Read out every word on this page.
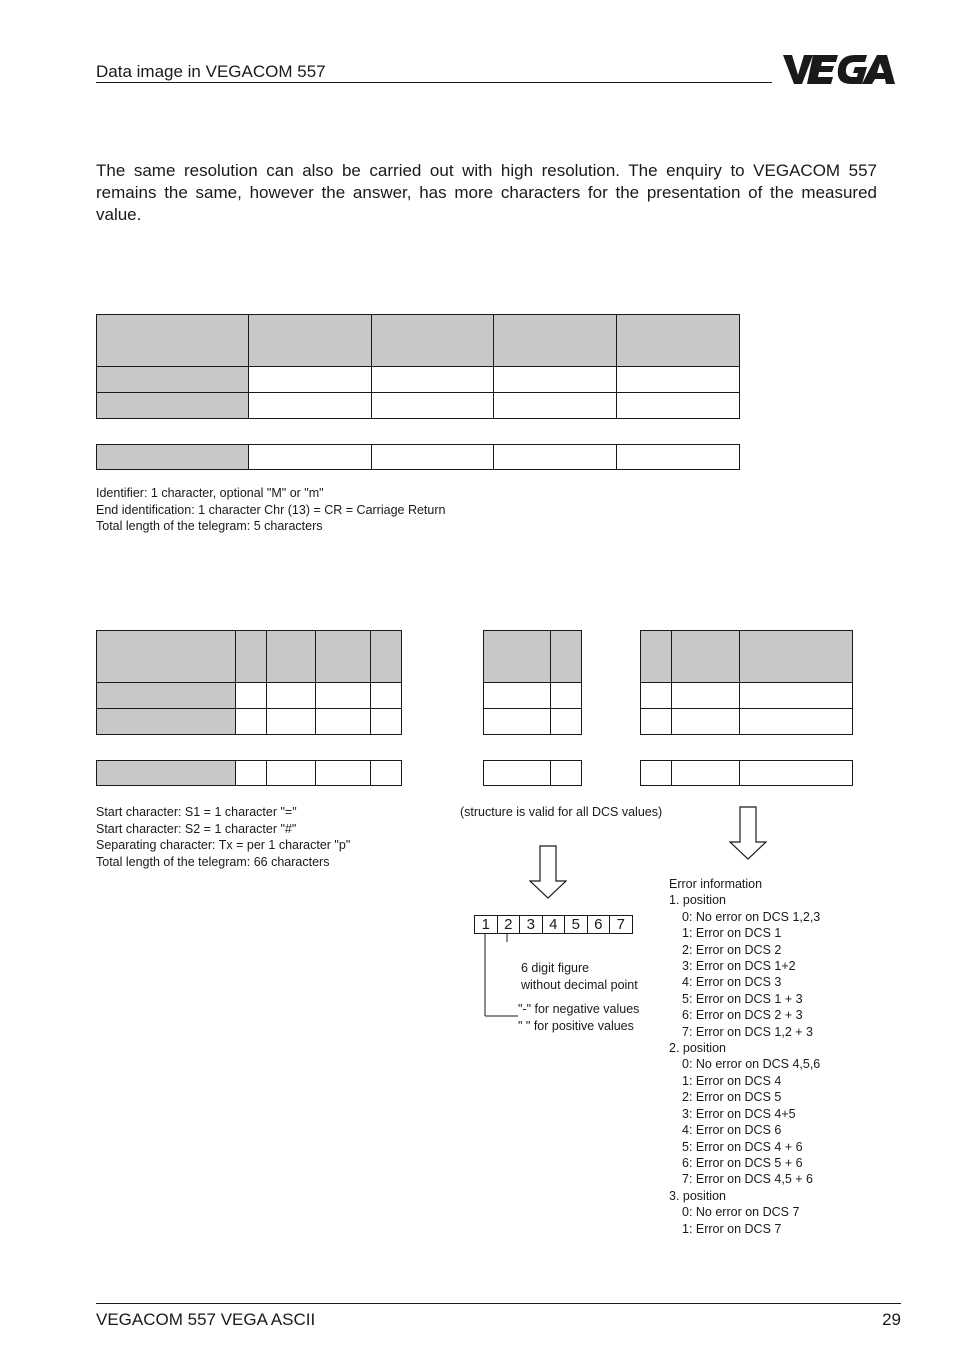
Data image in VEGACOM 557
The same resolution can also be carried out with high resolution. The enquiry to VEGACOM 557 remains the same, however the answer, has more characters for the presentation of the measured value.

Identifier: 1 character, optional "M" or "m"
End identification: 1 character Chr (13) = CR = Carriage Return
Total length of the telegram: 5 characters

Start character: S1 = 1 character "="
Start character: S2 = 1 character "#"
Separating character: Tx = per 1 character "p"
Total length of the telegram: 66 characters
(structure is valid for all DCS values)
1 2 3 4 5 6 7
6 digit figure
without decimal point
"-" for negative values
" " for positive values
Error information
1. position
0: No error on DCS 1,2,3
1: Error on DCS 1
2: Error on DCS 2
3: Error on DCS 1+2
4: Error on DCS 3
5: Error on DCS 1 + 3
6: Error on DCS 2 + 3
7: Error on DCS 1,2 + 3
2. position
0: No error on DCS 4,5,6
1: Error on DCS 4
2: Error on DCS 5
3: Error on DCS 4+5
4: Error on DCS 6
5: Error on DCS 4 + 6
6: Error on DCS 5 + 6
7: Error on DCS 4,5 + 6
3. position
0: No error on DCS 7
1: Error on DCS 7
VEGACOM 557 VEGA ASCII	29
